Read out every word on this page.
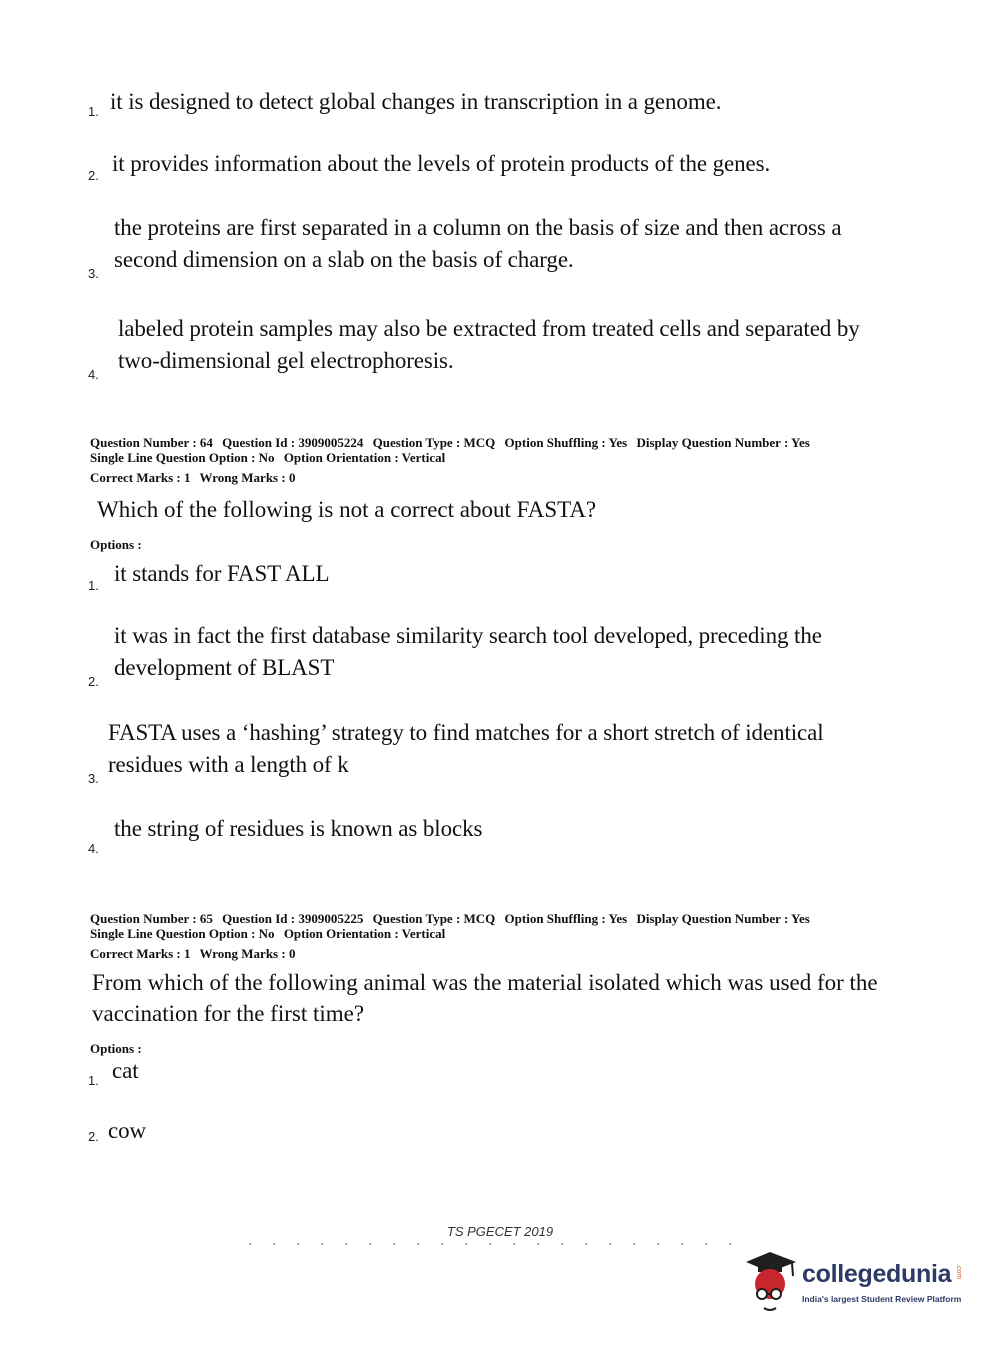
1. it is designed to detect global changes in transcription in a genome.
2. it provides information about the levels of protein products of the genes.
3.
the proteins are first separated in a column on the basis of size and then across a
second dimension on a slab on the basis of charge.
4.
labeled protein samples may also be extracted from treated cells and separated by
two-dimensional gel electrophoresis.
Question Number : 64 Question Id : 3909005224 Question Type : MCQ Option Shuffling : Yes Display Question Number : Yes
Single Line Question Option : No Option Orientation : Vertical
Correct Marks : 1 Wrong Marks : 0
Which of the following is not a correct about FASTA?
Options :
1. it stands for FAST ALL
2.
it was in fact the first database similarity search tool developed, preceding the
development of BLAST
3.
FASTA uses a ‘hashing’ strategy to find matches for a short stretch of identical
residues with a length of k
4.
the string of residues is known as blocks
Question Number : 65 Question Id : 3909005225 Question Type : MCQ Option Shuffling : Yes Display Question Number : Yes
Single Line Question Option : No Option Orientation : Vertical
Correct Marks : 1 Wrong Marks : 0
From which of the following animal was the material isolated which was used for the
vaccination for the first time?
Options :
1. cat
2. cow
TS PGECET 2019
collegedunia .com
India's largest Student Review Platform
